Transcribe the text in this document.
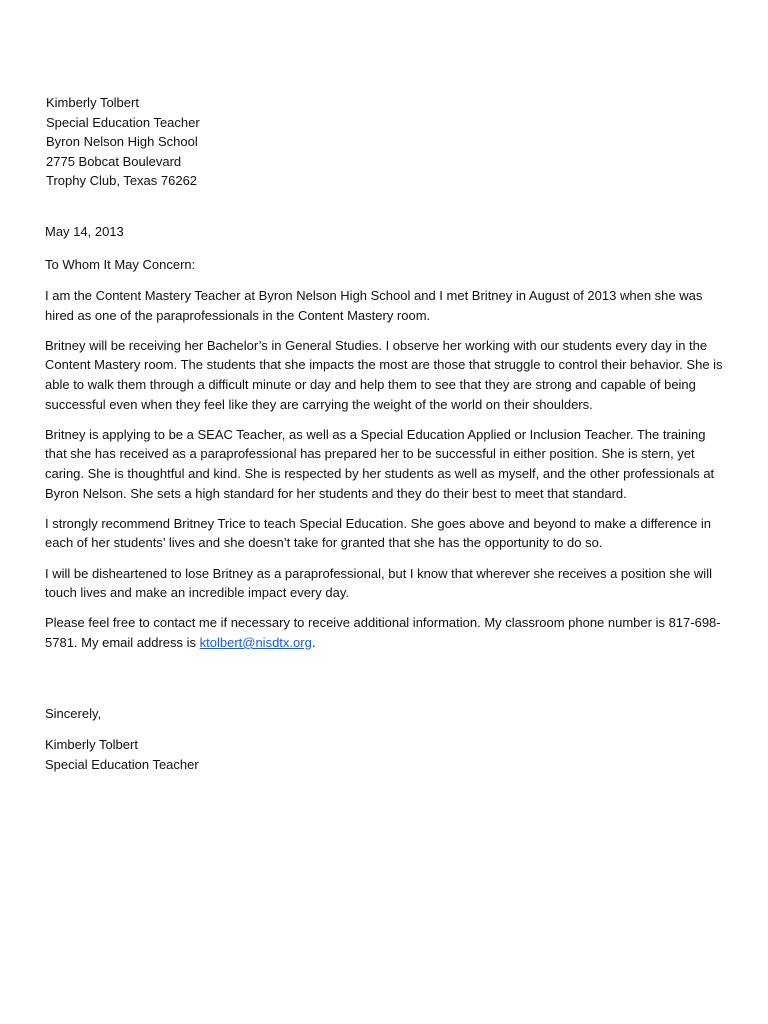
Kimberly Tolbert
Special Education Teacher
Byron Nelson High School
2775 Bobcat Boulevard
Trophy Club, Texas 76262
May 14, 2013
To Whom It May Concern:

I am the Content Mastery Teacher at Byron Nelson High School and I met Britney in August of 2013 when she was hired as one of the paraprofessionals in the Content Mastery room.

Britney will be receiving her Bachelor’s in General Studies. I observe her working with our students every day in the Content Mastery room. The students that she impacts the most are those that struggle to control their behavior. She is able to walk them through a difficult minute or day and help them to see that they are strong and capable of being successful even when they feel like they are carrying the weight of the world on their shoulders.

Britney is applying to be a SEAC Teacher, as well as a Special Education Applied or Inclusion Teacher. The training that she has received as a paraprofessional has prepared her to be successful in either position. She is stern, yet caring. She is thoughtful and kind. She is respected by her students as well as myself, and the other professionals at Byron Nelson. She sets a high standard for her students and they do their best to meet that standard.

I strongly recommend Britney Trice to teach Special Education. She goes above and beyond to make a difference in each of her students’ lives and she doesn’t take for granted that she has the opportunity to do so.

I will be disheartened to lose Britney as a paraprofessional, but I know that wherever she receives a position she will touch lives and make an incredible impact every day.

Please feel free to contact me if necessary to receive additional information. My classroom phone number is 817-698-5781. My email address is ktolbert@nisdtx.org.

Sincerely,
Kimberly Tolbert
Special Education Teacher
